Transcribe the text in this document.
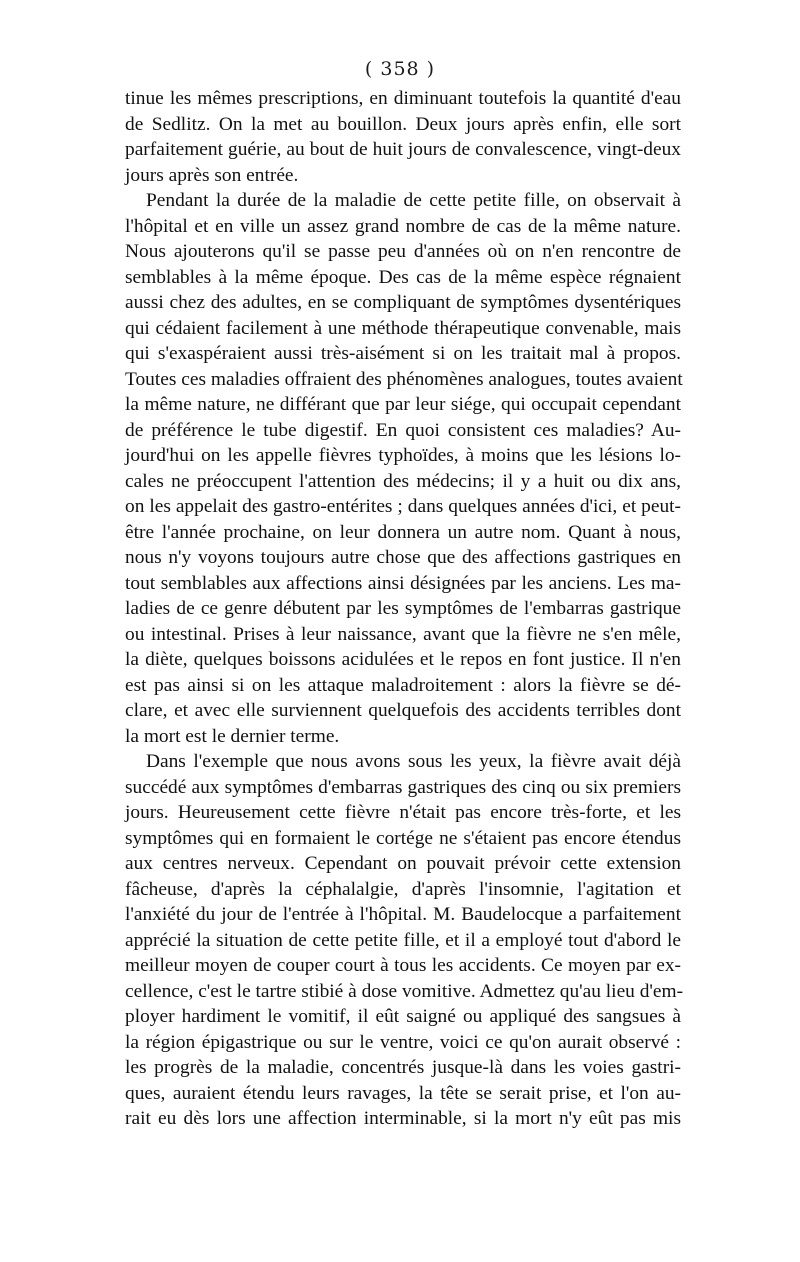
( 358 )
tinue les mêmes prescriptions, en diminuant toutefois la quantité d'eau
de Sedlitz. On la met au bouillon. Deux jours après enfin, elle sort
parfaitement guérie, au bout de huit jours de convalescence, vingt-deux
jours après son entrée.
Pendant la durée de la maladie de cette petite fille, on observait à
l'hôpital et en ville un assez grand nombre de cas de la même nature.
Nous ajouterons qu'il se passe peu d'années où on n'en rencontre de
semblables à la même époque. Des cas de la même espèce régnaient
aussi chez des adultes, en se compliquant de symptômes dysentériques
qui cédaient facilement à une méthode thérapeutique convenable, mais
qui s'exaspéraient aussi très-aisément si on les traitait mal à propos.
Toutes ces maladies offraient des phénomènes analogues, toutes avaient
la même nature, ne différant que par leur siége, qui occupait cependant
de préférence le tube digestif. En quoi consistent ces maladies? Au-
jourd'hui on les appelle fièvres typhoïdes, à moins que les lésions lo-
cales ne préoccupent l'attention des médecins; il y a huit ou dix ans,
on les appelait des gastro-entérites ; dans quelques années d'ici, et peut-
être l'année prochaine, on leur donnera un autre nom. Quant à nous,
nous n'y voyons toujours autre chose que des affections gastriques en
tout semblables aux affections ainsi désignées par les anciens. Les ma-
ladies de ce genre débutent par les symptômes de l'embarras gastrique
ou intestinal. Prises à leur naissance, avant que la fièvre ne s'en mêle,
la diète, quelques boissons acidulées et le repos en font justice. Il n'en
est pas ainsi si on les attaque maladroitement : alors la fièvre se dé-
clare, et avec elle surviennent quelquefois des accidents terribles dont
la mort est le dernier terme.
Dans l'exemple que nous avons sous les yeux, la fièvre avait déjà
succédé aux symptômes d'embarras gastriques des cinq ou six premiers
jours. Heureusement cette fièvre n'était pas encore très-forte, et les
symptômes qui en formaient le cortége ne s'étaient pas encore étendus
aux centres nerveux. Cependant on pouvait prévoir cette extension
fâcheuse, d'après la céphalalgie, d'après l'insomnie, l'agitation et
l'anxiété du jour de l'entrée à l'hôpital. M. Baudelocque a parfaitement
apprécié la situation de cette petite fille, et il a employé tout d'abord le
meilleur moyen de couper court à tous les accidents. Ce moyen par ex-
cellence, c'est le tartre stibié à dose vomitive. Admettez qu'au lieu d'em-
ployer hardiment le vomitif, il eût saigné ou appliqué des sangsues à
la région épigastrique ou sur le ventre, voici ce qu'on aurait observé :
les progrès de la maladie, concentrés jusque-là dans les voies gastri-
ques, auraient étendu leurs ravages, la tête se serait prise, et l'on au-
rait eu dès lors une affection interminable, si la mort n'y eût pas mis
